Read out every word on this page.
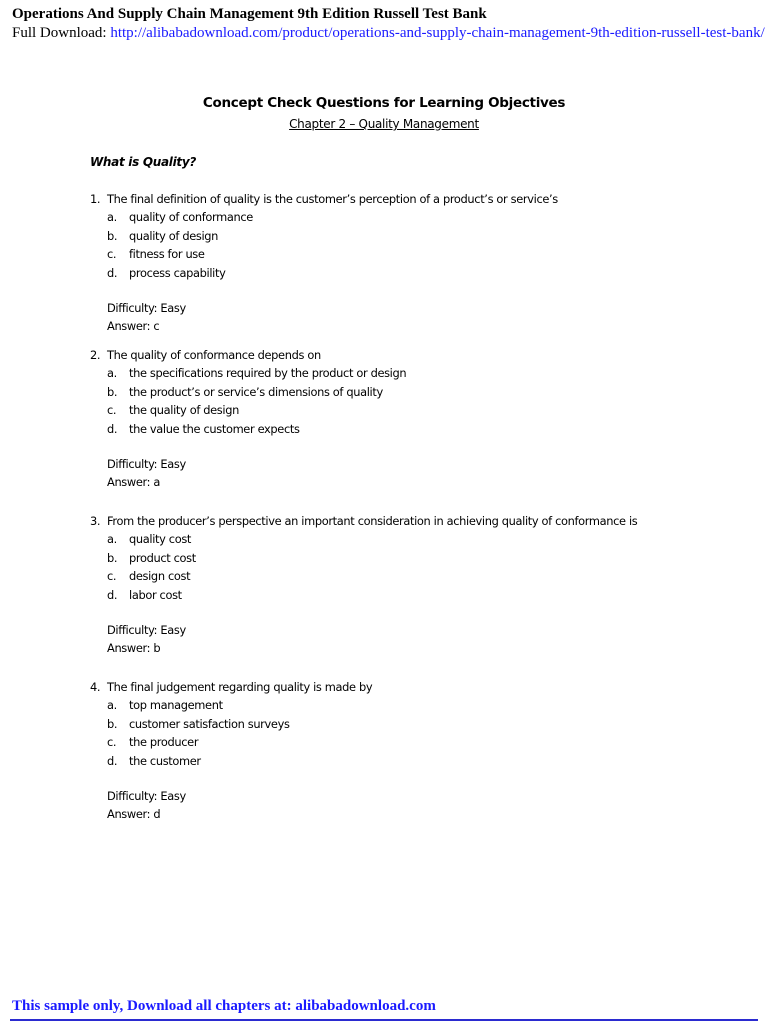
Operations And Supply Chain Management 9th Edition Russell Test Bank
Full Download: http://alibabadownload.com/product/operations-and-supply-chain-management-9th-edition-russell-test-bank/
Concept Check Questions for Learning Objectives
Chapter 2 – Quality Management
What is Quality?
1. The final definition of quality is the customer’s perception of a product’s or service’s
a. quality of conformance
b. quality of design
c. fitness for use
d. process capability
Difficulty: Easy
Answer: c
2. The quality of conformance depends on
a. the specifications required by the product or design
b. the product’s or service’s dimensions of quality
c. the quality of design
d. the value the customer expects
Difficulty: Easy
Answer: a
3. From the producer’s perspective an important consideration in achieving quality of conformance is
a. quality cost
b. product cost
c. design cost
d. labor cost
Difficulty: Easy
Answer: b
4. The final judgement regarding quality is made by
a. top management
b. customer satisfaction surveys
c. the producer
d. the customer
Difficulty: Easy
Answer: d
This sample only, Download all chapters at: alibabadownload.com
